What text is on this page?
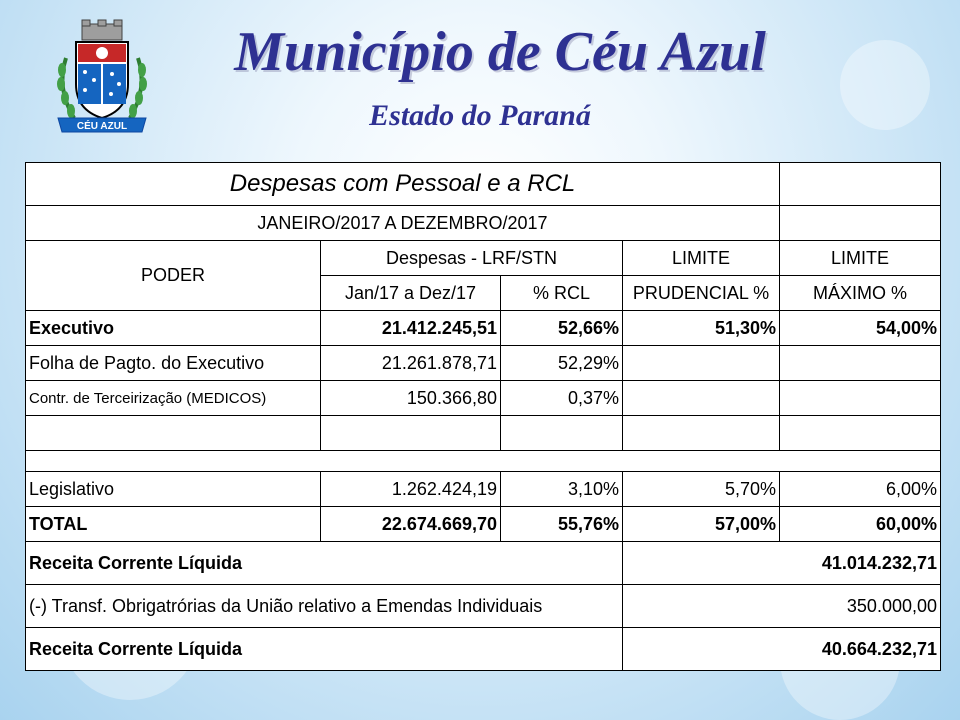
CÉU AZUL
Município de Céu Azul
Estado do Paraná
Despesas com Pessoal e a RCL				
JANEIRO/2017 A DEZEMBRO/2017				
PODER	Despesas - LRF/STN		LIMITE	LIMITE
	Jan/17 a Dez/17	% RCL	PRUDENCIAL %	MÁXIMO %
Executivo	21.412.245,51	52,66%	51,30%	54,00%
Folha de Pagto. do Executivo	21.261.878,71	52,29%		
Contr. de Terceirização (MEDICOS)	150.366,80	0,37%		

Legislativo	1.262.424,19	3,10%	5,70%	6,00%
TOTAL	22.674.669,70	55,76%	57,00%	60,00%
Receita Corrente Líquida			41.014.232,71	
(-) Transf. Obrigatrórias da União relativo a Emendas Individuais			350.000,00	
Receita Corrente Líquida			40.664.232,71	
